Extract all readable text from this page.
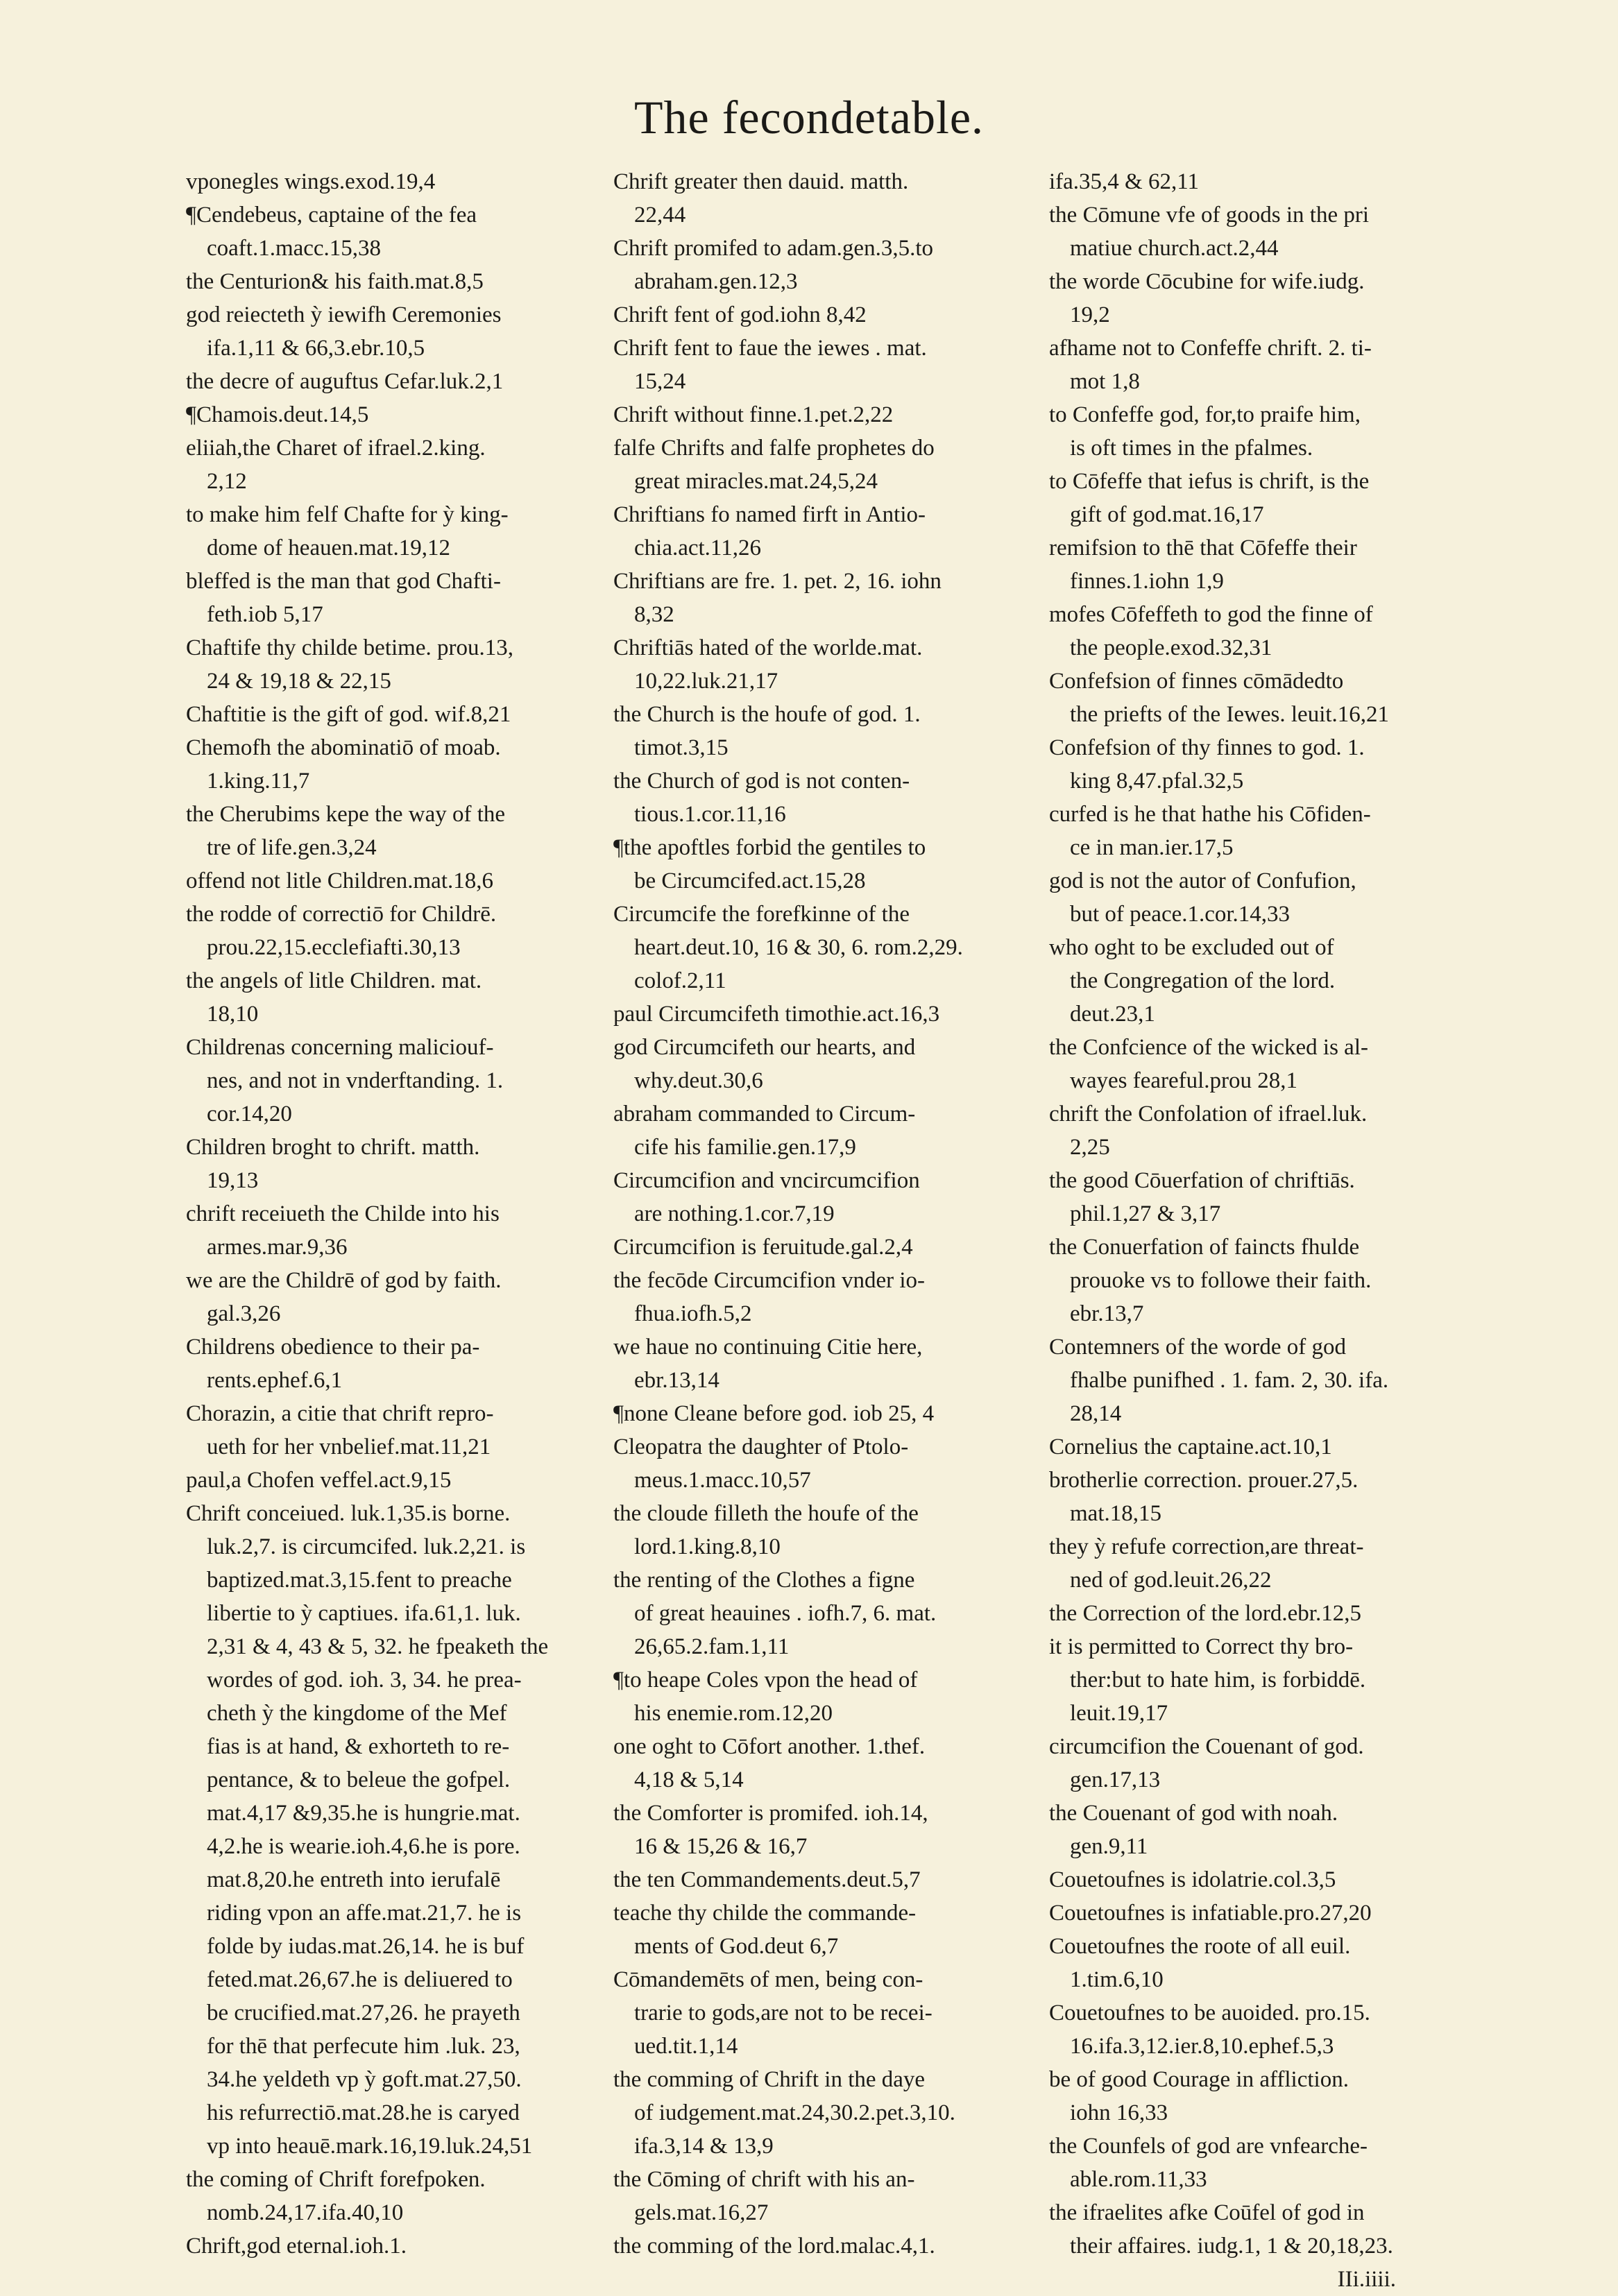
The fecondetable.
vponegles wings.exod.19,4
¶Cendebeus, captaine of the fea
coaft.1.macc.15,38
the Centurion& his faith.mat.8,5
god reiecteth ỳ iewifh Ceremonies
ifa.1,11 & 66,3.ebr.10,5
the decre of auguftus Cefar.luk.2,1
¶Chamois.deut.14,5
eliiah,the Charet of ifrael.2.king.
2,12
to make him felf Chafte for ỳ king-
dome of heauen.mat.19,12
bleffed is the man that god Chafti-
feth.iob 5,17
Chaftife thy childe betime. prou.13,
24 & 19,18 & 22,15
Chaftitie is the gift of god. wif.8,21
Chemofh the abominatiō of moab.
1.king.11,7
the Cherubims kepe the way of the
tre of life.gen.3,24
offend not litle Children.mat.18,6
the rodde of correctiō for Childrē.
prou.22,15.ecclefiafti.30,13
the angels of litle Children. mat.
18,10
Childrenas concerning maliciouf-
nes, and not in vnderftanding. 1.
cor.14,20
Children broght to chrift. matth.
19,13
chrift receiueth the Childe into his
armes.mar.9,36
we are the Childrē of god by faith.
gal.3,26
Childrens obedience to their pa-
rents.ephef.6,1
Chorazin, a citie that chrift repro-
ueth for her vnbelief.mat.11,21
paul,a Chofen veffel.act.9,15
Chrift conceiued. luk.1,35.is borne.
luk.2,7. is circumcifed. luk.2,21. is
baptized.mat.3,15.fent to preache
libertie to ỳ captiues. ifa.61,1. luk.
2,31 & 4, 43 & 5, 32. he fpeaketh the
wordes of god. ioh. 3, 34. he prea-
cheth ỳ the kingdome of the Mef
fias is at hand, & exhorteth to re-
pentance, & to beleue the gofpel.
mat.4,17 &9,35.he is hungrie.mat.
4,2.he is wearie.ioh.4,6.he is pore.
mat.8,20.he entreth into ierufalē
riding vpon an affe.mat.21,7. he is
folde by iudas.mat.26,14. he is buf
feted.mat.26,67.he is deliuered to
be crucified.mat.27,26. he prayeth
for thē that perfecute him .luk. 23,
34.he yeldeth vp ỳ goft.mat.27,50.
his refurrectiō.mat.28.he is caryed
vp into heauē.mark.16,19.luk.24,51
the coming of Chrift forefpoken.
nomb.24,17.ifa.40,10
Chrift,god eternal.ioh.1.
Chrift greater then dauid. matth.
22,44
Chrift promifed to adam.gen.3,5.to
abraham.gen.12,3
Chrift fent of god.iohn 8,42
Chrift fent to faue the iewes . mat.
15,24
Chrift without finne.1.pet.2,22
falfe Chrifts and falfe prophetes do
great miracles.mat.24,5,24
Chriftians fo named firft in Antio-
chia.act.11,26
Chriftians are fre. 1. pet. 2, 16. iohn
8,32
Chriftiās hated of the worlde.mat.
10,22.luk.21,17
the Church is the houfe of god. 1.
timot.3,15
the Church of god is not conten-
tious.1.cor.11,16
¶the apoftles forbid the gentiles to
be Circumcifed.act.15,28
Circumcife the forefkinne of the
heart.deut.10, 16 & 30, 6. rom.2,29.
colof.2,11
paul Circumcifeth timothie.act.16,3
god Circumcifeth our hearts, and
why.deut.30,6
abraham commanded to Circum-
cife his familie.gen.17,9
Circumcifion and vncircumcifion
are nothing.1.cor.7,19
Circumcifion is feruitude.gal.2,4
the fecōde Circumcifion vnder io-
fhua.iofh.5,2
we haue no continuing Citie here,
ebr.13,14
¶none Cleane before god. iob 25, 4
Cleopatra the daughter of Ptolo-
meus.1.macc.10,57
the cloude filleth the houfe of the
lord.1.king.8,10
the renting of the Clothes a figne
of great heauines . iofh.7, 6. mat.
26,65.2.fam.1,11
¶to heape Coles vpon the head of
his enemie.rom.12,20
one oght to Cōfort another. 1.thef.
4,18 & 5,14
the Comforter is promifed. ioh.14,
16 & 15,26 & 16,7
the ten Commandements.deut.5,7
teache thy childe the commande-
ments of God.deut 6,7
Cōmandemēts of men, being con-
trarie to gods,are not to be recei-
ued.tit.1,14
the comming of Chrift in the daye
of iudgement.mat.24,30.2.pet.3,10.
ifa.3,14 & 13,9
the Cōming of chrift with his an-
gels.mat.16,27
the comming of the lord.malac.4,1.
ifa.35,4 & 62,11
the Cōmune vfe of goods in the pri
matiue church.act.2,44
the worde Cōcubine for wife.iudg.
19,2
afhame not to Confeffe chrift. 2. ti-
mot 1,8
to Confeffe god, for,to praife him,
is oft times in the pfalmes.
to Cōfeffe that iefus is chrift, is the
gift of god.mat.16,17
remifsion to thē that Cōfeffe their
finnes.1.iohn 1,9
mofes Cōfeffeth to god the finne of
the people.exod.32,31
Confefsion of finnes cōmādedto
the priefts of the Iewes. leuit.16,21
Confefsion of thy finnes to god. 1.
king 8,47.pfal.32,5
curfed is he that hathe his Cōfiden-
ce in man.ier.17,5
god is not the autor of Confufion,
but of peace.1.cor.14,33
who oght to be excluded out of
the Congregation of the lord.
deut.23,1
the Confcience of the wicked is al-
wayes feareful.prou 28,1
chrift the Confolation of ifrael.luk.
2,25
the good Cōuerfation of chriftiās.
phil.1,27 & 3,17
the Conuerfation of faincts fhulde
prouoke vs to followe their faith.
ebr.13,7
Contemners of the worde of god
fhalbe punifhed . 1. fam. 2, 30. ifa.
28,14
Cornelius the captaine.act.10,1
brotherlie correction. prouer.27,5.
mat.18,15
they ỳ refufe correction,are threat-
ned of god.leuit.26,22
the Correction of the lord.ebr.12,5
it is permitted to Correct thy bro-
ther:but to hate him, is forbiddē.
leuit.19,17
circumcifion the Couenant of god.
gen.17,13
the Couenant of god with noah.
gen.9,11
Couetoufnes is idolatrie.col.3,5
Couetoufnes is infatiable.pro.27,20
Couetoufnes the roote of all euil.
1.tim.6,10
Couetoufnes to be auoided. pro.15.
16.ifa.3,12.ier.8,10.ephef.5,3
be of good Courage in affliction.
iohn 16,33
the Counfels of god are vnfearche-
able.rom.11,33
the ifraelites afke Coūfel of god in
their affaires. iudg.1, 1 & 20,18,23.
IIi.iiii.
